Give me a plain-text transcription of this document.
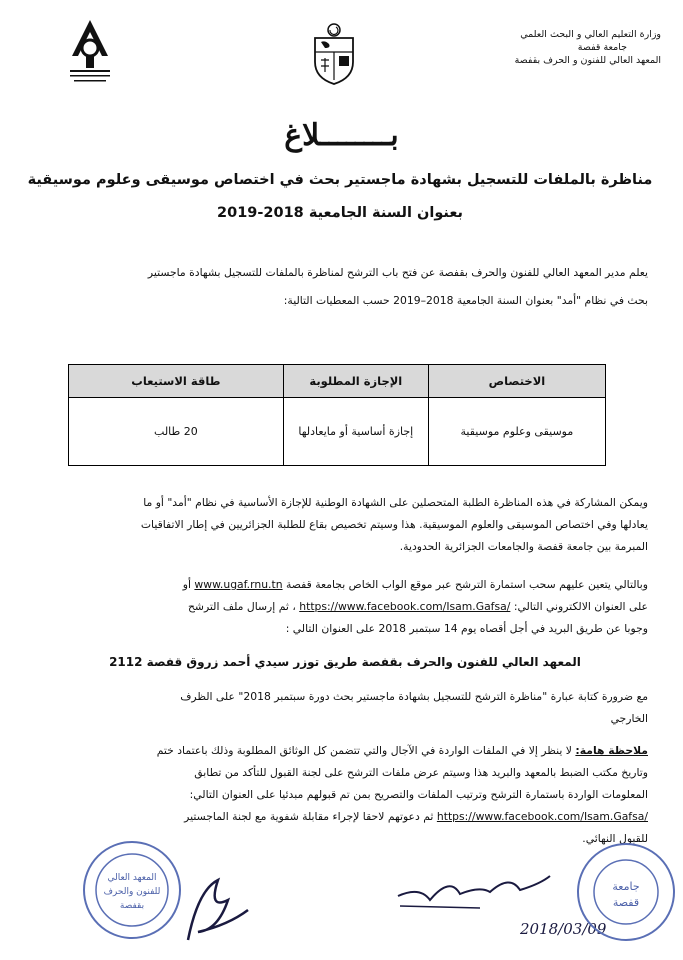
وزارة التعليم العالي و البحث العلمي
جامعة قفصة
المعهد العالي للفنون و الحرف بقفصة
بــــــــلاغ
مناظرة بالملفات للتسجيل بشهادة ماجستير بحث في اختصاص موسيقى وعلوم موسيقية
بعنوان السنة الجامعية 2018-2019
يعلم مدير المعهد العالي للفنون والحرف بقفصة عن فتح باب الترشح لمناظرة بالملفات للتسجيل بشهادة ماجستير
بحث في نظام "أمد" بعنوان السنة الجامعية 2018–2019 حسب المعطيات التالية:
الاختصاص	الإجازة المطلوبة	طاقة الاستيعاب
موسيقى وعلوم موسيقية	إجازة أساسية أو مايعادلها	20 طالب
ويمكن المشاركة في هذه المناظرة الطلبة المتحصلين على الشهادة الوطنية للإجازة الأساسية في نظام "أمد" أو ما
يعادلها وفي اختصاص الموسيقى والعلوم الموسيقية. هذا وسيتم تخصيص بقاع للطلبة الجزائريين في إطار الاتفاقيات
المبرمة بين جامعة قفصة والجامعات الجزائرية الحدودية.
وبالتالي يتعين عليهم سحب استمارة الترشح عبر موقع الواب الخاص بجامعة قفصة www.ugaf.rnu.tn أو
على العنوان الالكتروني التالي: https://www.facebook.com/Isam.Gafsa/ ، ثم إرسال ملف الترشح
وجوبا عن طريق البريد في أجل أقصاه يوم 14 سبتمبر 2018 على العنوان التالي :
المعهد العالي للفنون والحرف بقفصة طريق توزر سيدي أحمد زروق قفصة 2112
مع ضرورة كتابة عبارة "مناظرة الترشح للتسجيل بشهادة ماجستير بحث دورة سبتمبر 2018" على الظرف
الخارجي
ملاحظة هامة: لا ينظر إلا في الملفات الواردة في الآجال والتي تتضمن كل الوثائق المطلوبة وذلك باعتماد ختم
وتاريخ مكتب الضبط بالمعهد والبريد هذا وسيتم عرض ملفات الترشح على لجنة القبول للتأكد من تطابق
المعلومات الواردة باستمارة الترشح وترتيب الملفات والتصريح بمن تم قبولهم مبدئيا على العنوان التالي:
https://www.facebook.com/Isam.Gafsa/ ثم دعوتهم لاحقا لإجراء مقابلة شفوية مع لجنة الماجستير
للقبول النهائي.
المعهد العالي
للفنون والحرف
بقفصة
2018/03/09
جامعة
قفصة
